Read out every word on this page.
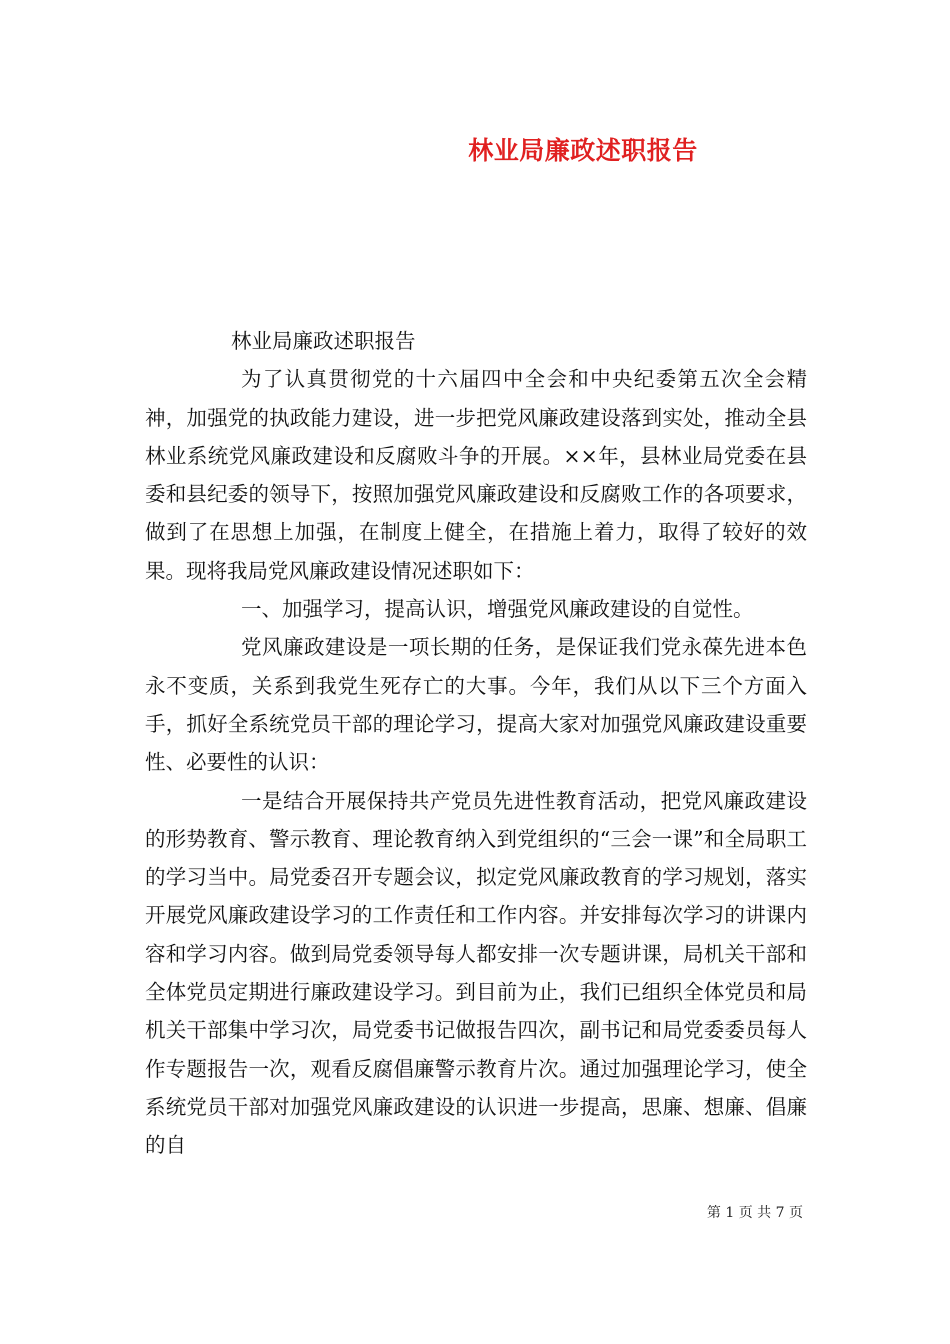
林业局廉政述职报告

林业局廉政述职报告

为了认真贯彻党的十六届四中全会和中央纪委第五次全会精神，加强党的执政能力建设，进一步把党风廉政建设落到实处，推动全县林业系统党风廉政建设和反腐败斗争的开展。××年，县林业局党委在县委和县纪委的领导下，按照加强党风廉政建设和反腐败工作的各项要求，做到了在思想上加强，在制度上健全，在措施上着力，取得了较好的效果。现将我局党风廉政建设情况述职如下：

一、加强学习，提高认识，增强党风廉政建设的自觉性。

党风廉政建设是一项长期的任务，是保证我们党永葆先进本色永不变质，关系到我党生死存亡的大事。今年，我们从以下三个方面入手，抓好全系统党员干部的理论学习，提高大家对加强党风廉政建设重要性、必要性的认识：

一是结合开展保持共产党员先进性教育活动，把党风廉政建设的形势教育、警示教育、理论教育纳入到党组织的“三会一课”和全局职工的学习当中。局党委召开专题会议，拟定党风廉政教育的学习规划，落实开展党风廉政建设学习的工作责任和工作内容。并安排每次学习的讲课内容和学习内容。做到局党委领导每人都安排一次专题讲课，局机关干部和全体党员定期进行廉政建设学习。到目前为止，我们已组织全体党员和局机关干部集中学习次，局党委书记做报告四次，副书记和局党委委员每人作专题报告一次，观看反腐倡廉警示教育片次。通过加强理论学习，使全系统党员干部对加强党风廉政建设的认识进一步提高，思廉、想廉、倡廉的自

第 1 页 共 7 页
